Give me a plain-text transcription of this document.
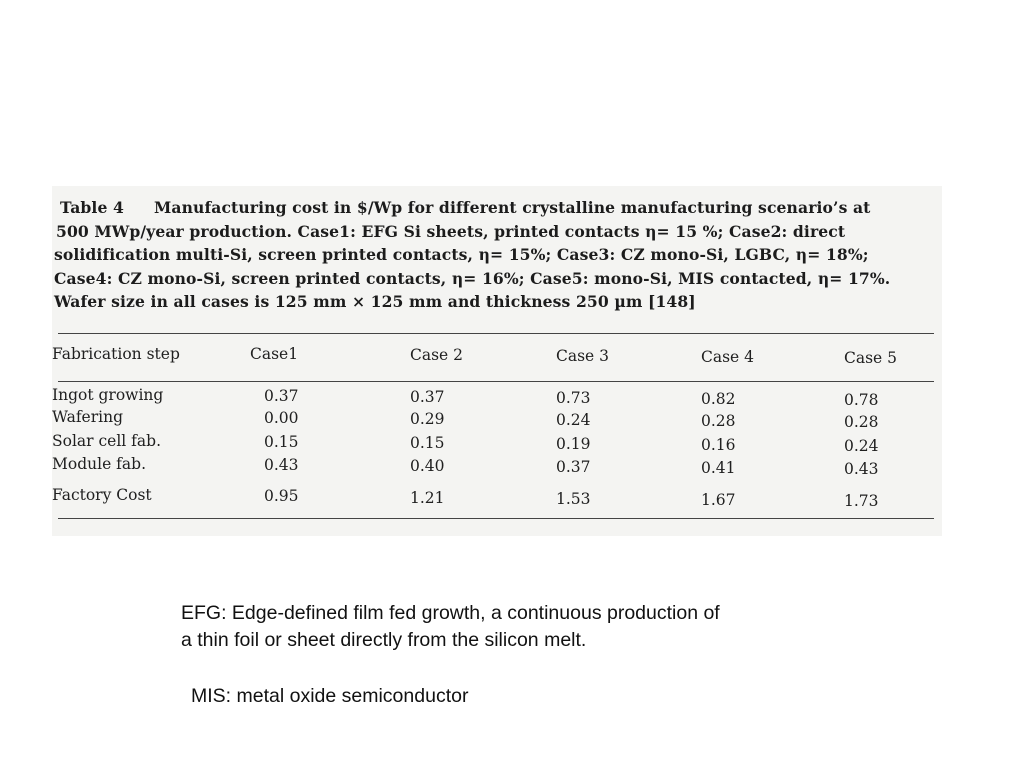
Table 4 Manufacturing cost in $/Wp for different crystalline manufacturing scenario’s at
500 MWp/year production. Case1: EFG Si sheets, printed contacts η= 15 %; Case2: direct
solidification multi-Si, screen printed contacts, η= 15%; Case3: CZ mono-Si, LGBC, η= 18%;
Case4: CZ mono-Si, screen printed contacts, η= 16%; Case5: mono-Si, MIS contacted, η= 17%.
Wafer size in all cases is 125 mm × 125 mm and thickness 250 µm [148]
Fabrication step	Case1	Case 2	Case 3	Case 4	Case 5
Ingot growing	0.37	0.37	0.73	0.82	0.78
Wafering	0.00	0.29	0.24	0.28	0.28
Solar cell fab.	0.15	0.15	0.19	0.16	0.24
Module fab.	0.43	0.40	0.37	0.41	0.43
Factory Cost	0.95	1.21	1.53	1.67	1.73
EFG: Edge-defined film fed growth, a continuous production of
a thin foil or sheet directly from the silicon melt.
MIS: metal oxide semiconductor
